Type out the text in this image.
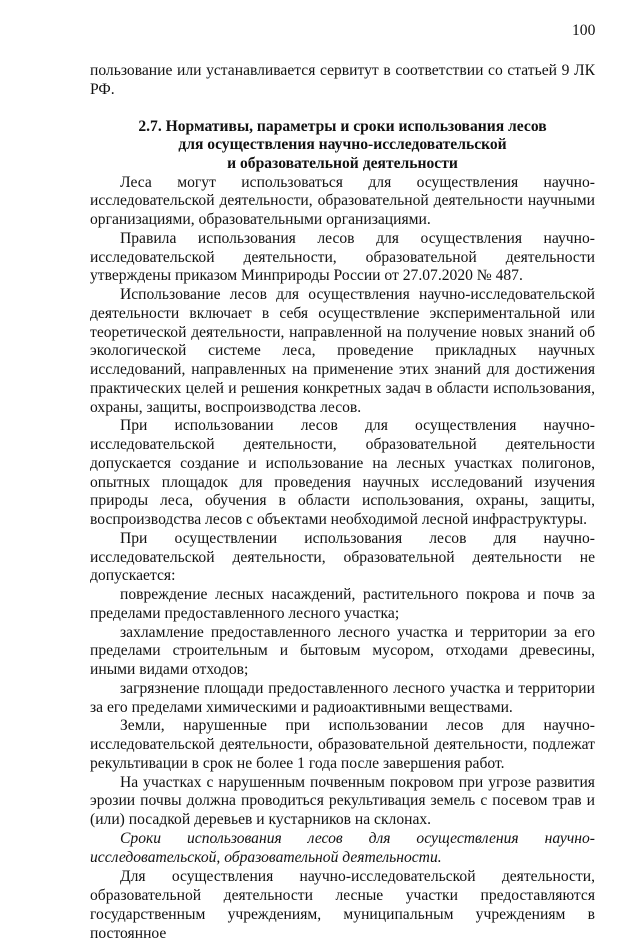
100

пользование или устанавливается сервитут в соответствии со статьей 9 ЛК РФ.

2.7. Нормативы, параметры и сроки использования лесов
для осуществления научно-исследовательской
и образовательной деятельности

Леса могут использоваться для осуществления научно-исследовательской деятельности, образовательной деятельности научными организациями, образовательными организациями.

Правила использования лесов для осуществления научно-исследовательской деятельности, образовательной деятельности утверждены приказом Минприроды России от 27.07.2020 № 487.

Использование лесов для осуществления научно-исследовательской деятельности включает в себя осуществление экспериментальной или теоретической деятельности, направленной на получение новых знаний об экологической системе леса, проведение прикладных научных исследований, направленных на применение этих знаний для достижения практических целей и решения конкретных задач в области использования, охраны, защиты, воспроизводства лесов.

При использовании лесов для осуществления научно-исследовательской деятельности, образовательной деятельности допускается создание и использование на лесных участках полигонов, опытных площадок для проведения научных исследований изучения природы леса, обучения в области использования, охраны, защиты, воспроизводства лесов с объектами необходимой лесной инфраструктуры.

При осуществлении использования лесов для научно-исследовательской деятельности, образовательной деятельности не допускается:

повреждение лесных насаждений, растительного покрова и почв за пределами предоставленного лесного участка;

захламление предоставленного лесного участка и территории за его пределами строительным и бытовым мусором, отходами древесины, иными видами отходов;

загрязнение площади предоставленного лесного участка и территории за его пределами химическими и радиоактивными веществами.

Земли, нарушенные при использовании лесов для научно-исследовательской деятельности, образовательной деятельности, подлежат рекультивации в срок не более 1 года после завершения работ.

На участках с нарушенным почвенным покровом при угрозе развития эрозии почвы должна проводиться рекультивация земель с посевом трав и (или) посадкой деревьев и кустарников на склонах.

Сроки использования лесов для осуществления научно-исследовательской, образовательной деятельности.

Для осуществления научно-исследовательской деятельности, образовательной деятельности лесные участки предоставляются государственным учреждениям, муниципальным учреждениям в постоянное
